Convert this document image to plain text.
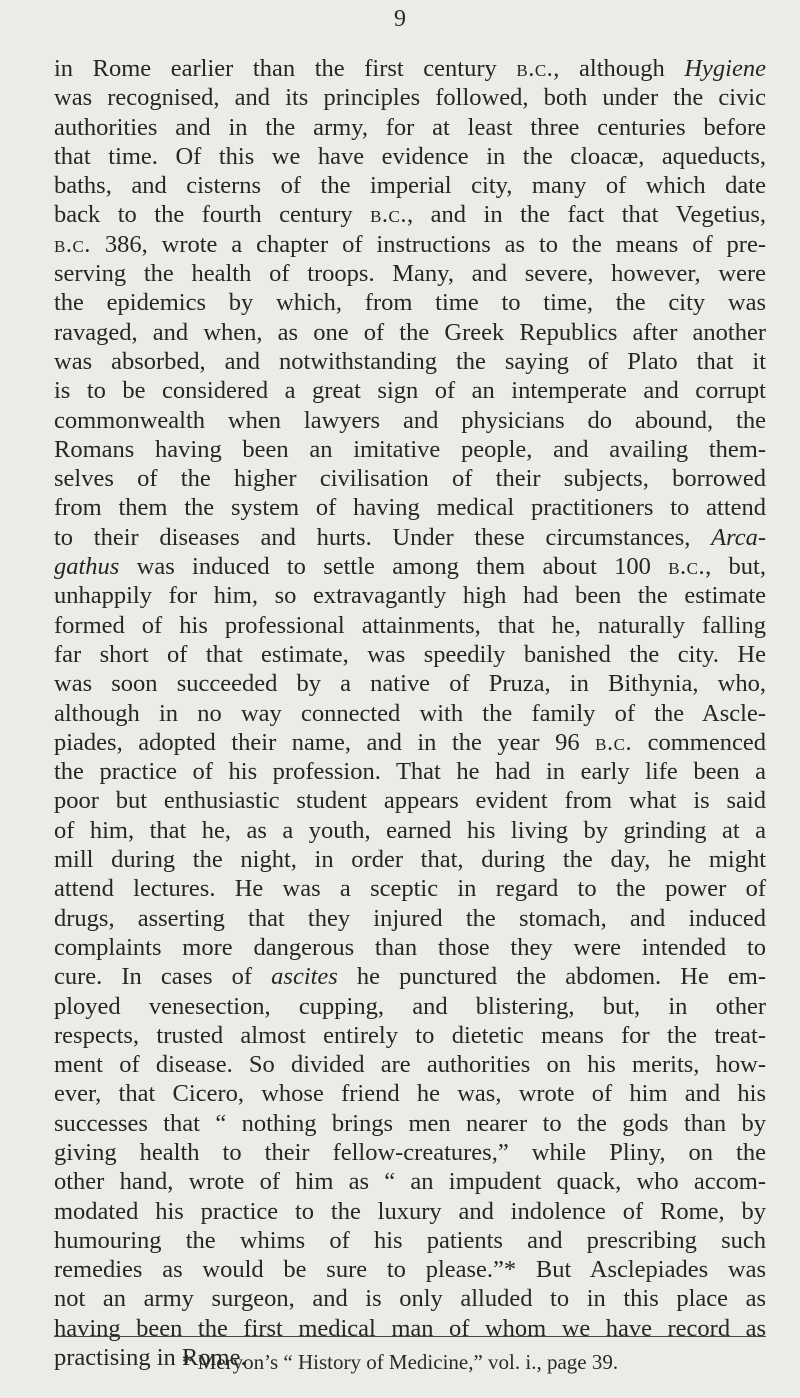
9
in Rome earlier than the first century b.c., although Hygiene
was recognised, and its principles followed, both under the civic
authorities and in the army, for at least three centuries before
that time. Of this we have evidence in the cloacæ, aqueducts,
baths, and cisterns of the imperial city, many of which date
back to the fourth century b.c., and in the fact that Vegetius,
b.c. 386, wrote a chapter of instructions as to the means of pre-
serving the health of troops. Many, and severe, however, were
the epidemics by which, from time to time, the city was
ravaged, and when, as one of the Greek Republics after another
was absorbed, and notwithstanding the saying of Plato that it
is to be considered a great sign of an intemperate and corrupt
commonwealth when lawyers and physicians do abound, the
Romans having been an imitative people, and availing them-
selves of the higher civilisation of their subjects, borrowed
from them the system of having medical practitioners to attend
to their diseases and hurts. Under these circumstances, Arca-
gathus was induced to settle among them about 100 b.c., but,
unhappily for him, so extravagantly high had been the estimate
formed of his professional attainments, that he, naturally falling
far short of that estimate, was speedily banished the city. He
was soon succeeded by a native of Pruza, in Bithynia, who,
although in no way connected with the family of the Ascle-
piades, adopted their name, and in the year 96 b.c. commenced
the practice of his profession. That he had in early life been a
poor but enthusiastic student appears evident from what is said
of him, that he, as a youth, earned his living by grinding at a
mill during the night, in order that, during the day, he might
attend lectures. He was a sceptic in regard to the power of
drugs, asserting that they injured the stomach, and induced
complaints more dangerous than those they were intended to
cure. In cases of ascites he punctured the abdomen. He em-
ployed venesection, cupping, and blistering, but, in other
respects, trusted almost entirely to dietetic means for the treat-
ment of disease. So divided are authorities on his merits, how-
ever, that Cicero, whose friend he was, wrote of him and his
successes that “ nothing brings men nearer to the gods than by
giving health to their fellow-creatures,” while Pliny, on the
other hand, wrote of him as “ an impudent quack, who accom-
modated his practice to the luxury and indolence of Rome, by
humouring the whims of his patients and prescribing such
remedies as would be sure to please.”* But Asclepiades was
not an army surgeon, and is only alluded to in this place as
having been the first medical man of whom we have record as
practising in Rome.
* Meryon’s “ History of Medicine,” vol. i., page 39.
